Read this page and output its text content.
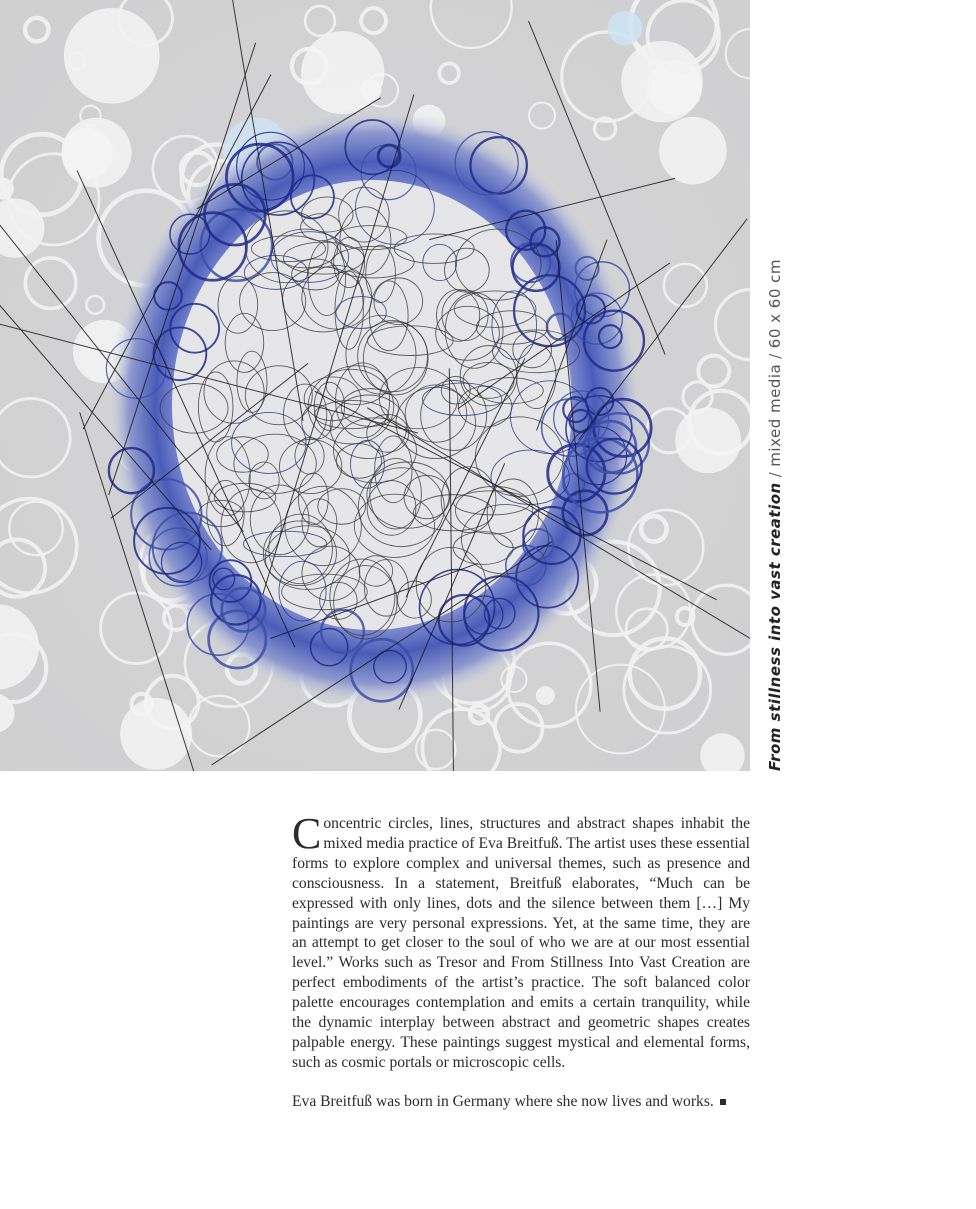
From stillness into vast creation/mixed media/60 x 60 cm

Concentric circles, lines, structures and abstract shapes inhabit the mixed media practice of Eva Breitfuß. The artist uses these essential forms to explore complex and universal themes, such as presence and consciousness. In a statement, Breitfuß elaborates, “Much can be expressed with only lines, dots and the silence between them […] My paintings are very personal expressions. Yet, at the same time, they are an attempt to get closer to the soul of who we are at our most essential level.” Works such as Tresor and From Stillness Into Vast Creation are perfect embodiments of the artist’s practice. The soft balanced color palette encourages contemplation and emits a certain tranquility, while the dynamic interplay between abstract and geometric shapes creates palpable energy. These paintings suggest mystical and elemental forms, such as cosmic portals or microscopic cells.

Eva Breitfuß was born in Germany where she now lives and works.
